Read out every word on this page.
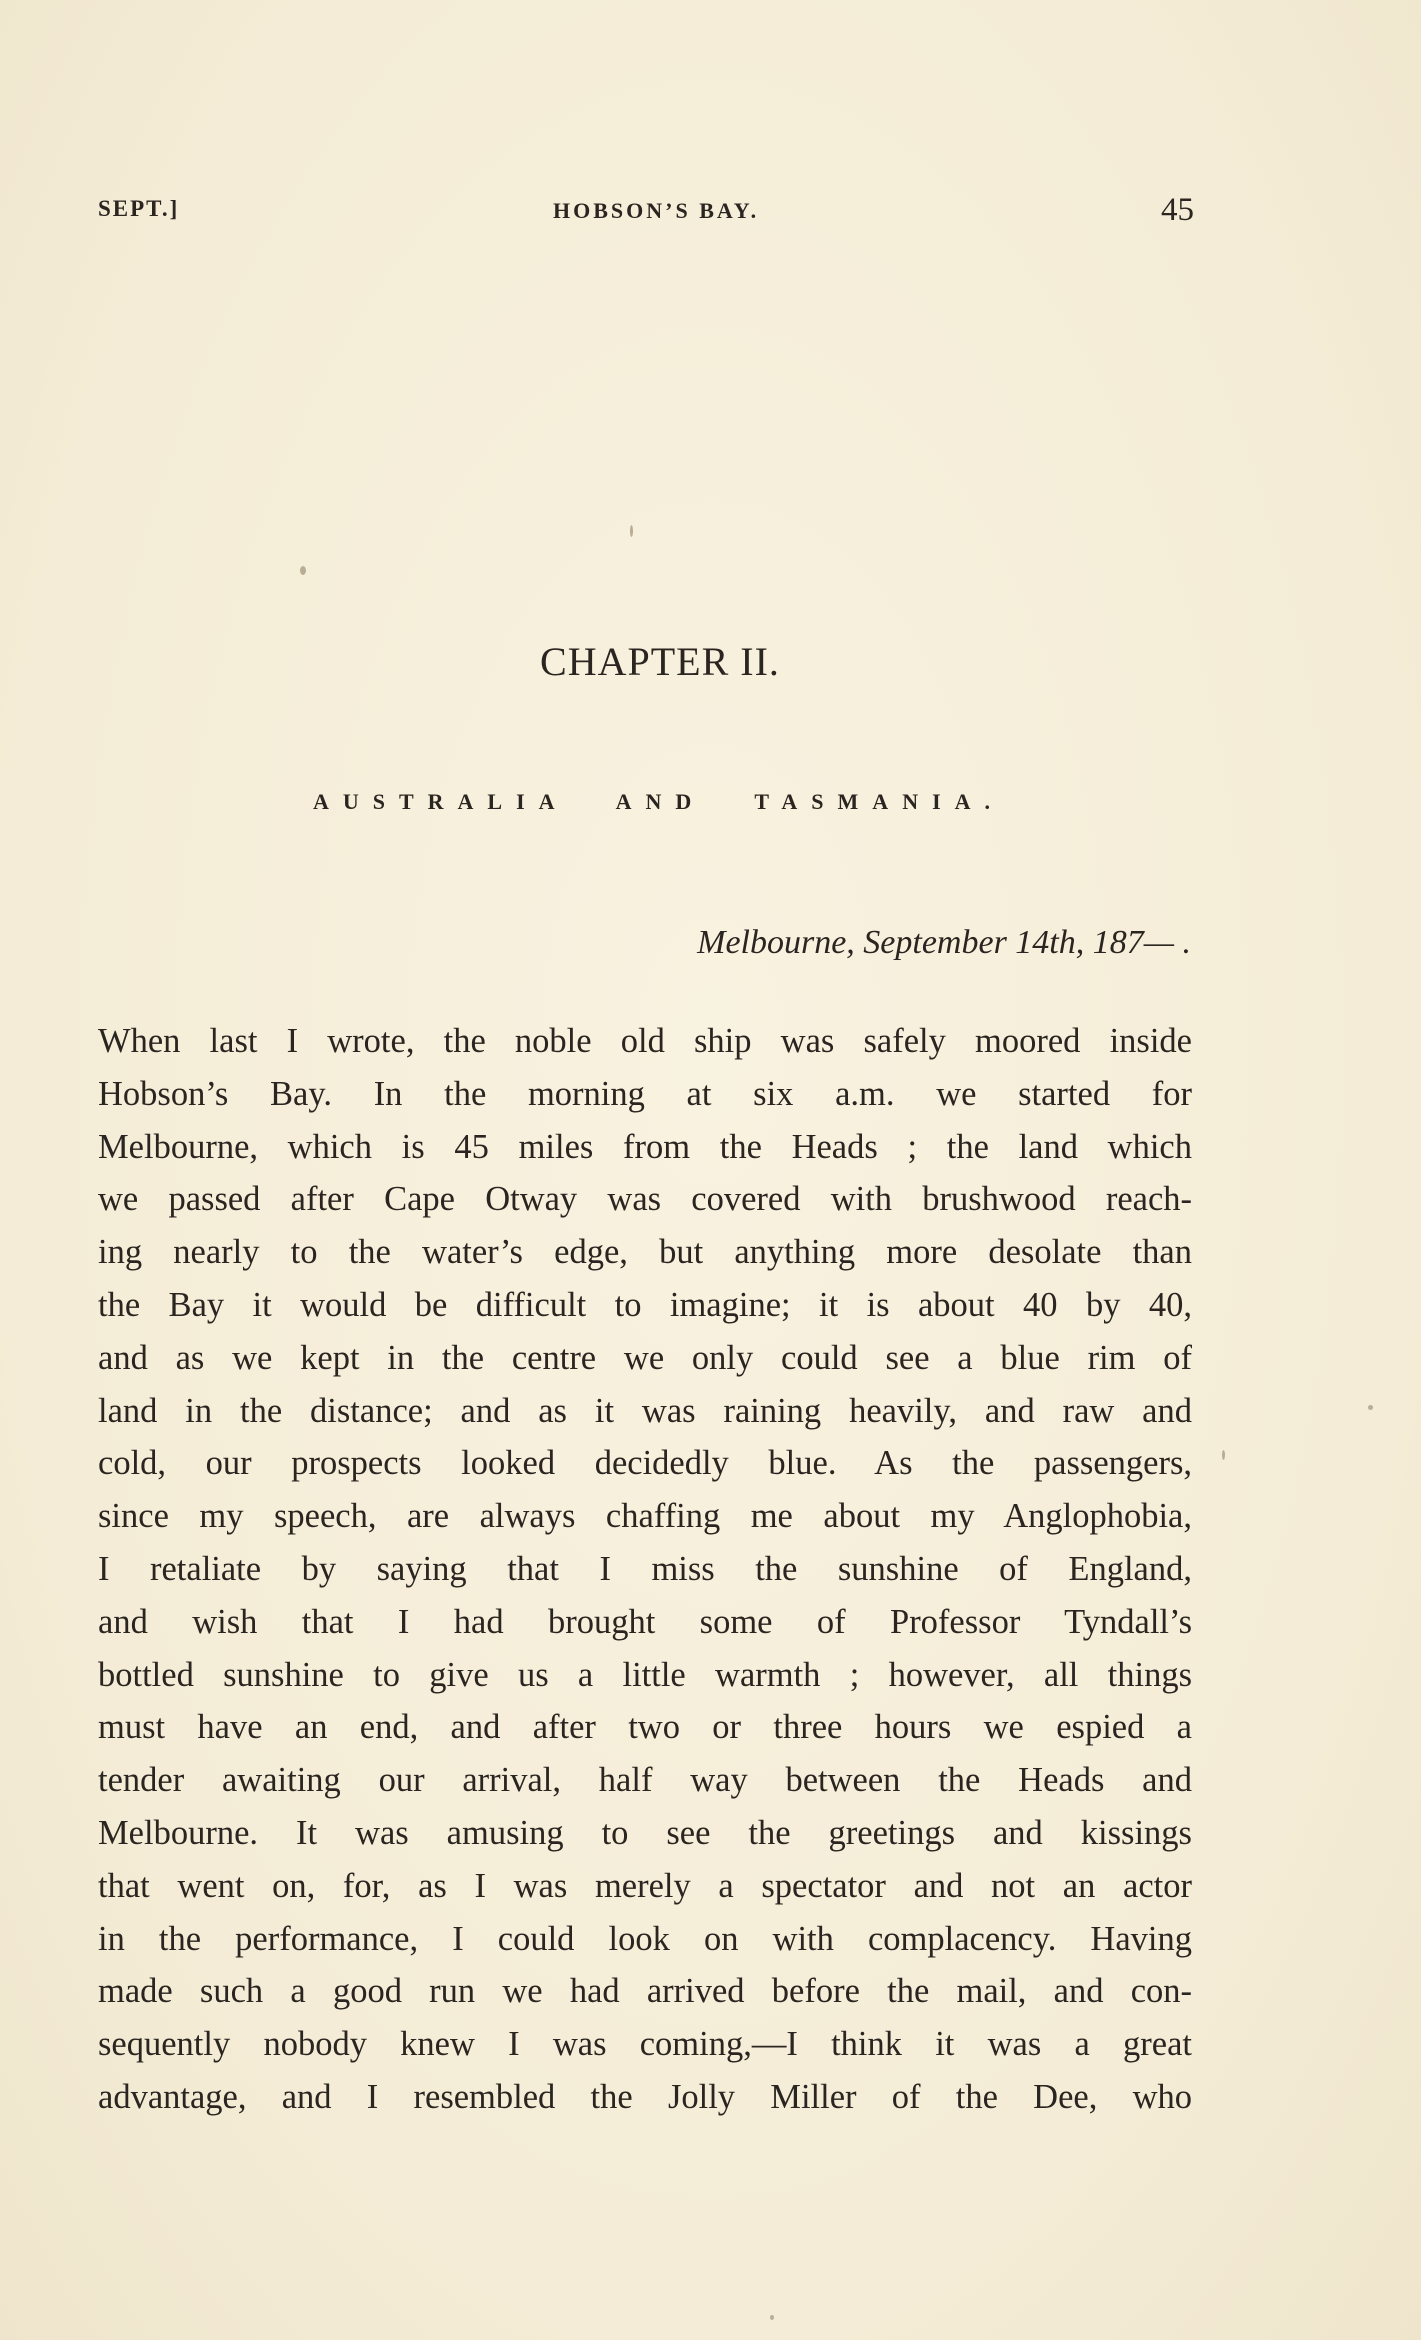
SEPT.]	HOBSON’S BAY.	45
CHAPTER II.
AUSTRALIA AND TASMANIA.
Melbourne, September 14th, 187— .
When last I wrote, the noble old ship was safely moored inside
Hobson’s Bay. In the morning at six a.m. we started for
Melbourne, which is 45 miles from the Heads ; the land which
we passed after Cape Otway was covered with brushwood reach-
ing nearly to the water’s edge, but anything more desolate than
the Bay it would be difficult to imagine; it is about 40 by 40,
and as we kept in the centre we only could see a blue rim of
land in the distance; and as it was raining heavily, and raw and
cold, our prospects looked decidedly blue. As the passengers,
since my speech, are always chaffing me about my Anglophobia,
I retaliate by saying that I miss the sunshine of England,
and wish that I had brought some of Professor Tyndall’s
bottled sunshine to give us a little warmth ; however, all things
must have an end, and after two or three hours we espied a
tender awaiting our arrival, half way between the Heads and
Melbourne. It was amusing to see the greetings and kissings
that went on, for, as I was merely a spectator and not an actor
in the performance, I could look on with complacency. Having
made such a good run we had arrived before the mail, and con-
sequently nobody knew I was coming,—I think it was a great
advantage, and I resembled the Jolly Miller of the Dee, who
